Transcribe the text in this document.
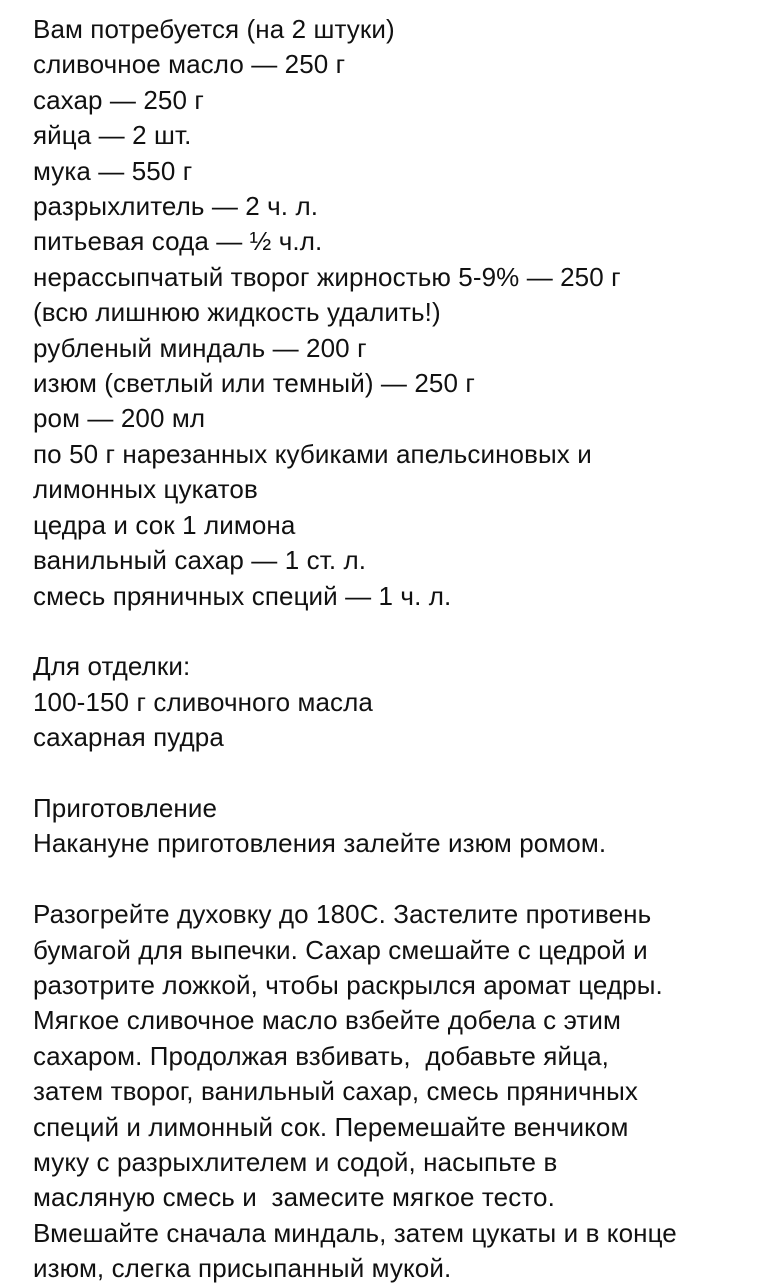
Вам потребуется (на 2 штуки)
сливочное масло — 250 г
сахар — 250 г
яйца — 2 шт.
мука — 550 г
разрыхлитель — 2 ч. л.
питьевая сода — ½ ч.л.
нерассыпчатый творог жирностью 5-9% — 250 г
(всю лишнюю жидкость удалить!)
рубленый миндаль — 200 г
изюм (светлый или темный) — 250 г
ром — 200 мл
по 50 г нарезанных кубиками апельсиновых и
лимонных цукатов
цедра и сок 1 лимона
ванильный сахар — 1 ст. л.
смесь пряничных специй — 1 ч. л.
Для отделки:
100-150 г сливочного масла
сахарная пудра
Приготовление
Накануне приготовления залейте изюм ромом.
Разогрейте духовку до 180С. Застелите противень
бумагой для выпечки. Сахар смешайте с цедрой и
разотрите ложкой, чтобы раскрылся аромат цедры.
Мягкое сливочное масло взбейте добела с этим
сахаром. Продолжая взбивать,  добавьте яйца,
затем творог, ванильный сахар, смесь пряничных
специй и лимонный сок. Перемешайте венчиком
муку с разрыхлителем и содой, насыпьте в
масляную смесь и  замесите мягкое тесто.
Вмешайте сначала миндаль, затем цукаты и в конце
изюм, слегка присыпанный мукой.
